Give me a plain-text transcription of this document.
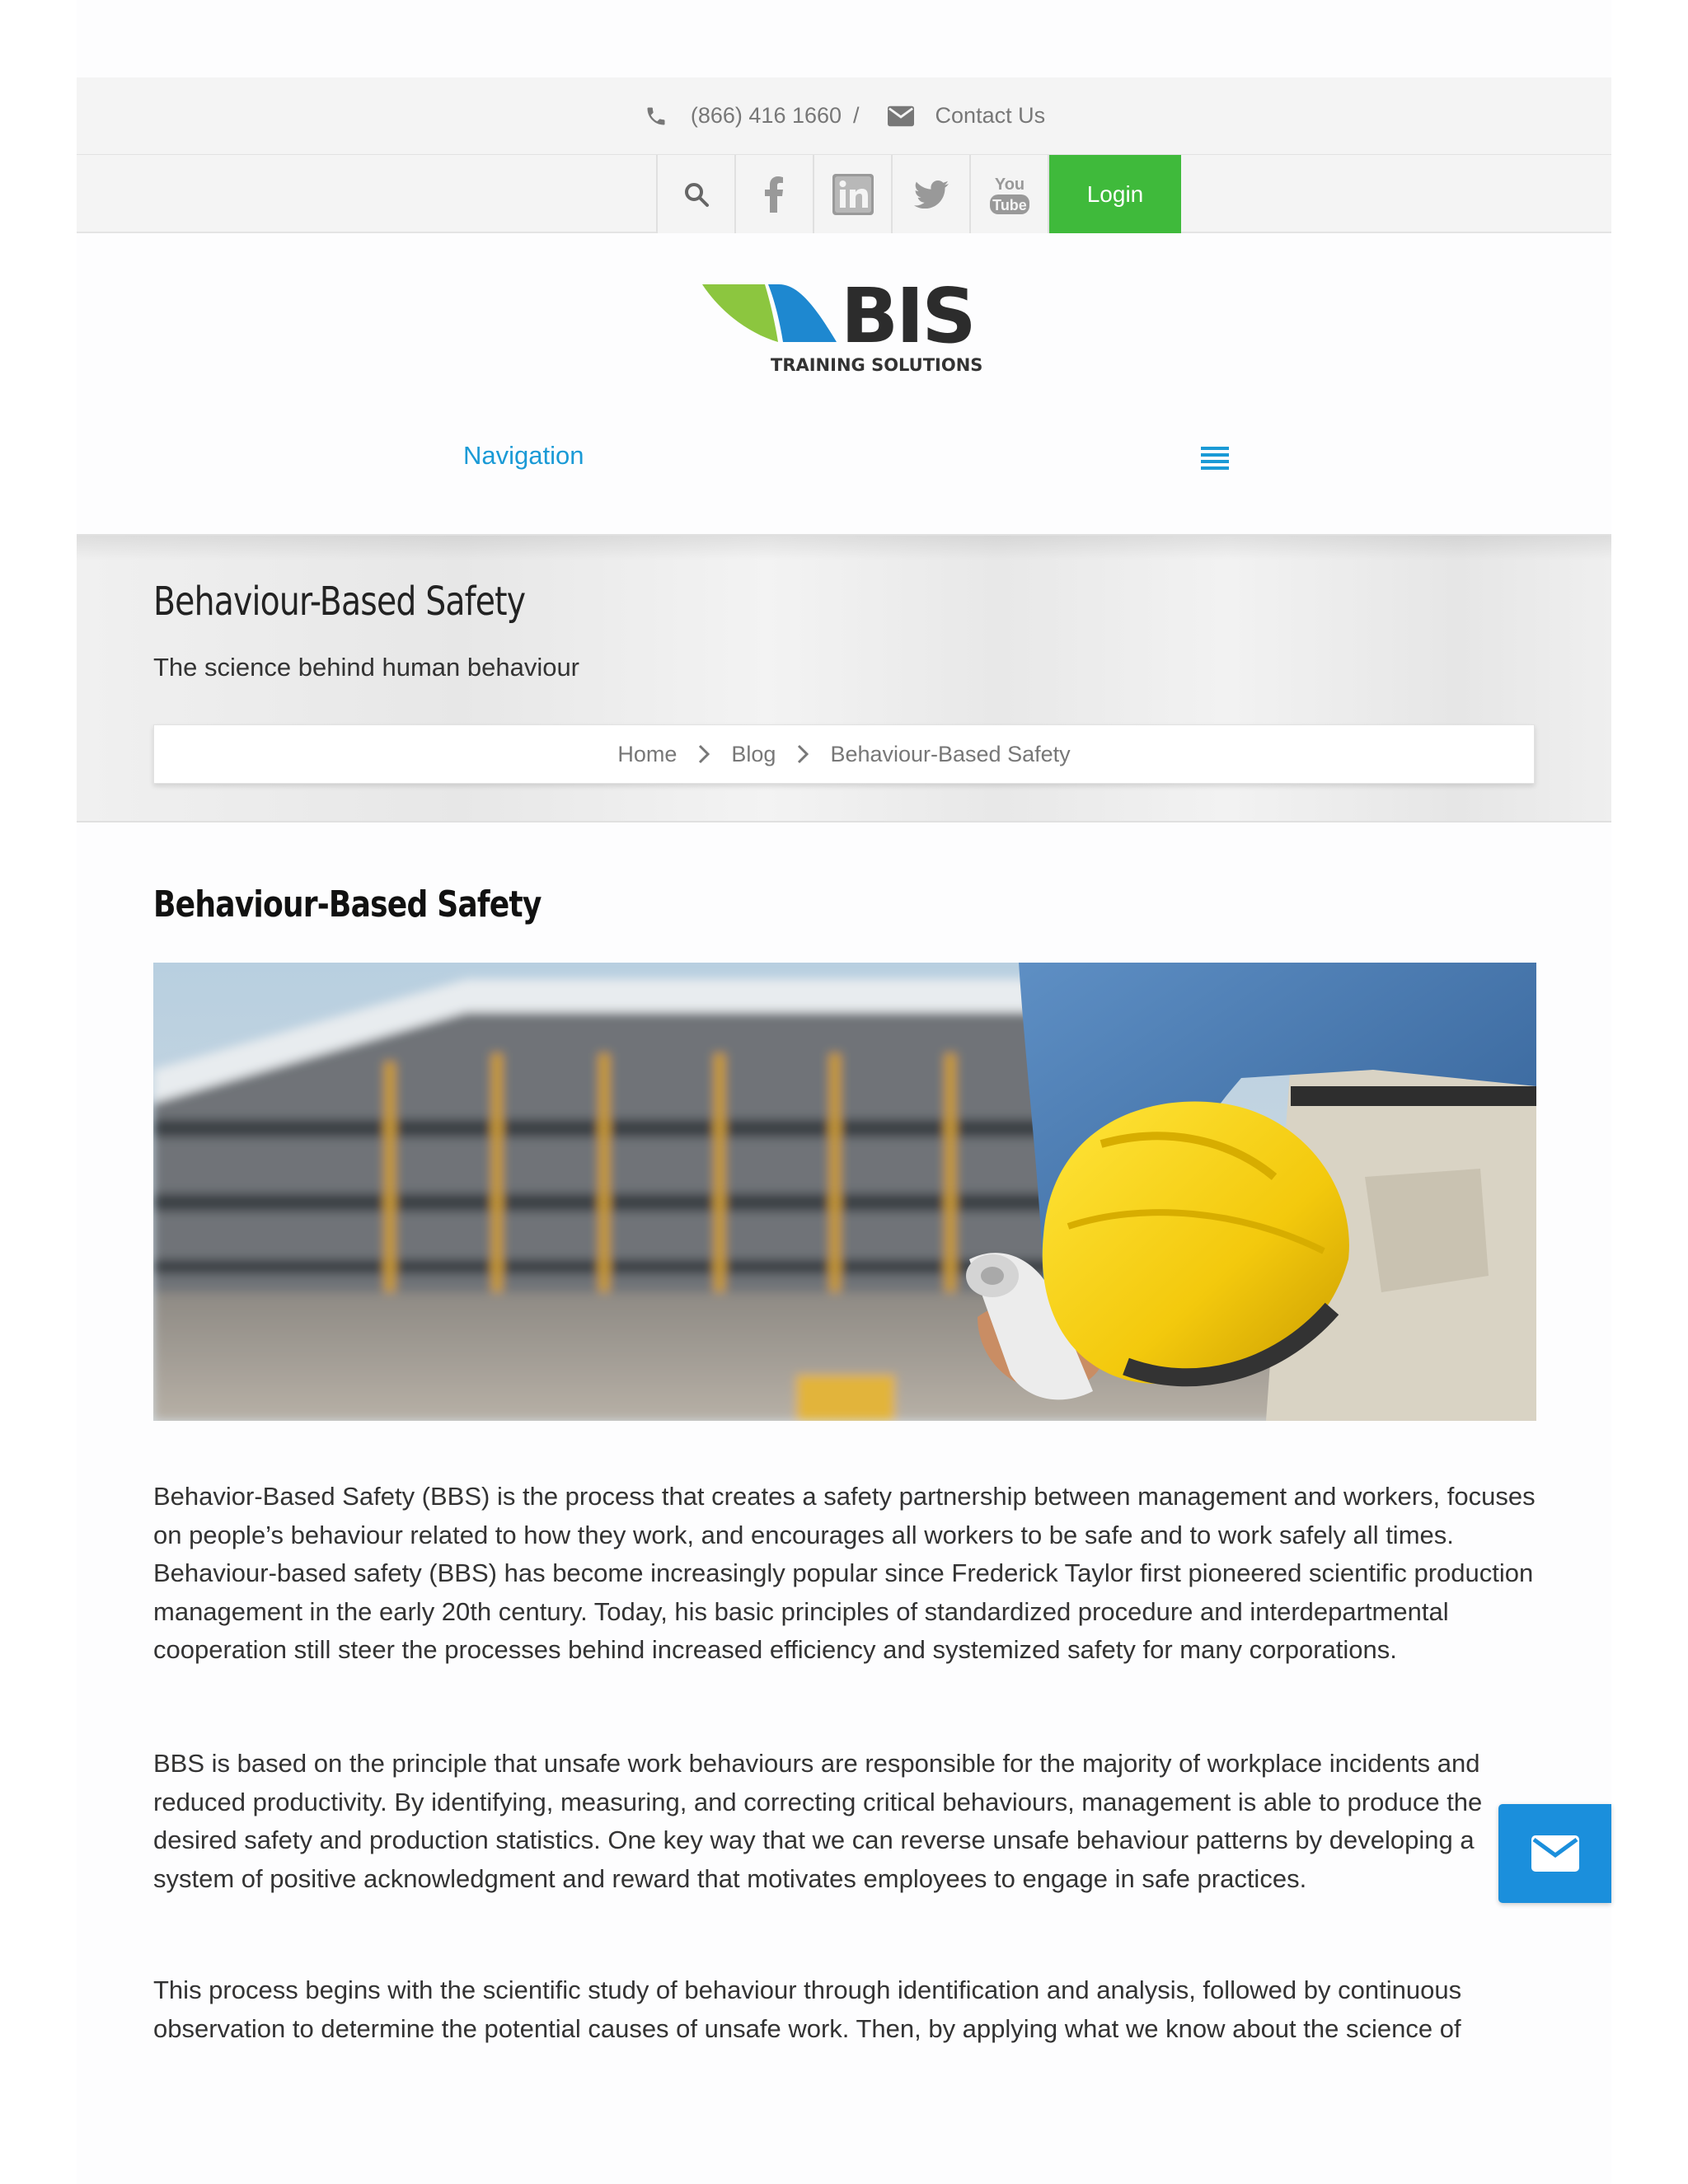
(866) 416 1660 /	Contact Us
You
Tube	Login
BIS
TRAINING SOLUTIONS
Navigation
Behaviour-Based Safety
The science behind human behaviour
Home Blog Behaviour-Based Safety
Behaviour-Based Safety

Behavior-Based Safety (BBS) is the process that creates a safety partnership between management and workers, focuses on people’s behaviour related to how they work, and encourages all workers to be safe and to work safely all times. Behaviour-based safety (BBS) has become increasingly popular since Frederick Taylor first pioneered scientific production management in the early 20th century. Today, his basic principles of standardized procedure and interdepartmental cooperation still steer the processes behind increased efficiency and systemized safety for many corporations.

BBS is based on the principle that unsafe work behaviours are responsible for the majority of workplace incidents and reduced productivity. By identifying, measuring, and correcting critical behaviours, management is able to produce the desired safety and production statistics. One key way that we can reverse unsafe behaviour patterns by developing a system of positive acknowledgment and reward that motivates employees to engage in safe practices.

This process begins with the scientific study of behaviour through identification and analysis, followed by continuous observation to determine the potential causes of unsafe work. Then, by applying what we know about the science of
